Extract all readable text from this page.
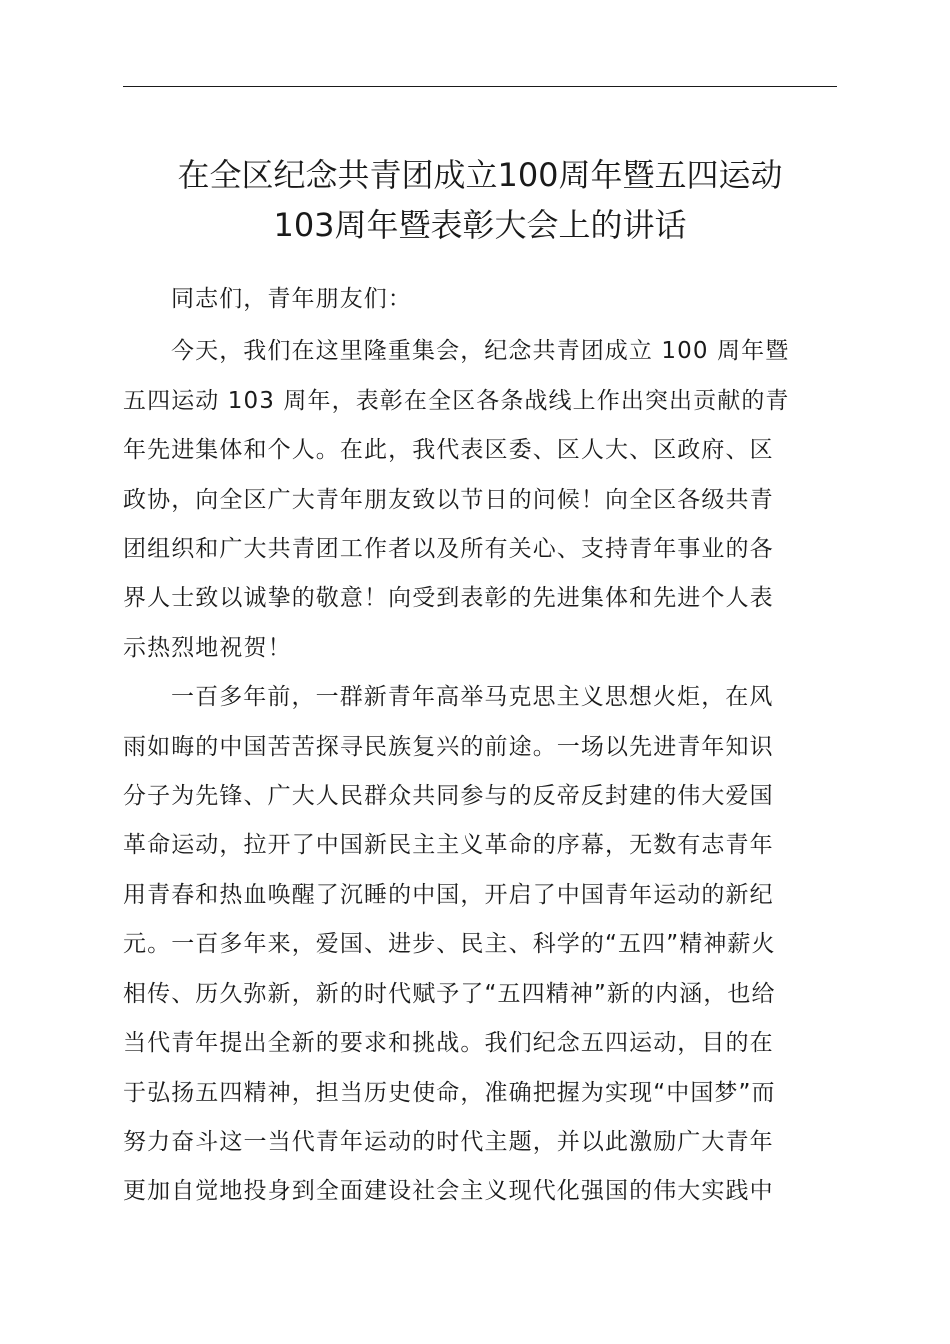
在全区纪念共青团成立100周年暨五四运动
103周年暨表彰大会上的讲话

同志们，青年朋友们：

今天，我们在这里隆重集会，纪念共青团成立 100 周年暨
五四运动 103 周年，表彰在全区各条战线上作出突出贡献的青
年先进集体和个人。在此，我代表区委、区人大、区政府、区
政协，向全区广大青年朋友致以节日的问候！向全区各级共青
团组织和广大共青团工作者以及所有关心、支持青年事业的各
界人士致以诚挚的敬意！向受到表彰的先进集体和先进个人表
示热烈地祝贺！

一百多年前，一群新青年高举马克思主义思想火炬，在风
雨如晦的中国苦苦探寻民族复兴的前途。一场以先进青年知识
分子为先锋、广大人民群众共同参与的反帝反封建的伟大爱国
革命运动，拉开了中国新民主主义革命的序幕，无数有志青年
用青春和热血唤醒了沉睡的中国，开启了中国青年运动的新纪
元。一百多年来，爱国、进步、民主、科学的“五四”精神薪火
相传、历久弥新，新的时代赋予了“五四精神”新的内涵，也给
当代青年提出全新的要求和挑战。我们纪念五四运动，目的在
于弘扬五四精神，担当历史使命，准确把握为实现“中国梦”而
努力奋斗这一当代青年运动的时代主题，并以此激励广大青年
更加自觉地投身到全面建设社会主义现代化强国的伟大实践中
